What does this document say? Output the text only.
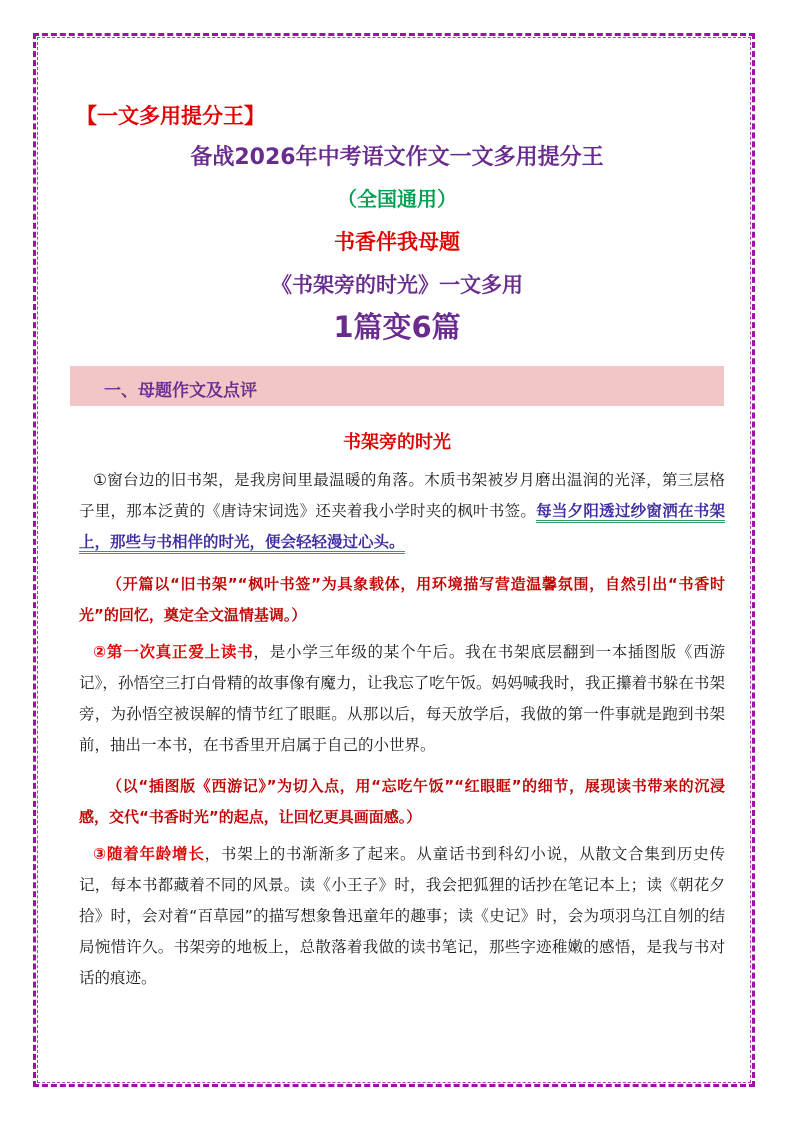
【一文多用提分王】
备战2026年中考语文作文一文多用提分王
（全国通用）
书香伴我母题
《书架旁的时光》一文多用
1篇变6篇
一、母题作文及点评
书架旁的时光

①窗台边的旧书架，是我房间里最温暖的角落。木质书架被岁月磨出温润的光泽，第三层格子里，那本泛黄的《唐诗宋词选》还夹着我小学时夹的枫叶书签。每当夕阳透过纱窗洒在书架上，那些与书相伴的时光，便会轻轻漫过心头。

（开篇以“旧书架”“枫叶书签”为具象载体，用环境描写营造温馨氛围，自然引出“书香时光”的回忆，奠定全文温情基调。）

②第一次真正爱上读书，是小学三年级的某个午后。我在书架底层翻到一本插图版《西游记》，孙悟空三打白骨精的故事像有魔力，让我忘了吃午饭。妈妈喊我时，我正攥着书躲在书架旁，为孙悟空被误解的情节红了眼眶。从那以后，每天放学后，我做的第一件事就是跑到书架前，抽出一本书，在书香里开启属于自己的小世界。

（以“插图版《西游记》”为切入点，用“忘吃午饭”“红眼眶”的细节，展现读书带来的沉浸感，交代“书香时光”的起点，让回忆更具画面感。）

③随着年龄增长，书架上的书渐渐多了起来。从童话书到科幻小说，从散文合集到历史传记，每本书都藏着不同的风景。读《小王子》时，我会把狐狸的话抄在笔记本上；读《朝花夕拾》时，会对着“百草园”的描写想象鲁迅童年的趣事；读《史记》时，会为项羽乌江自刎的结局惋惜许久。书架旁的地板上，总散落着我做的读书笔记，那些字迹稚嫩的感悟，是我与书对话的痕迹。
